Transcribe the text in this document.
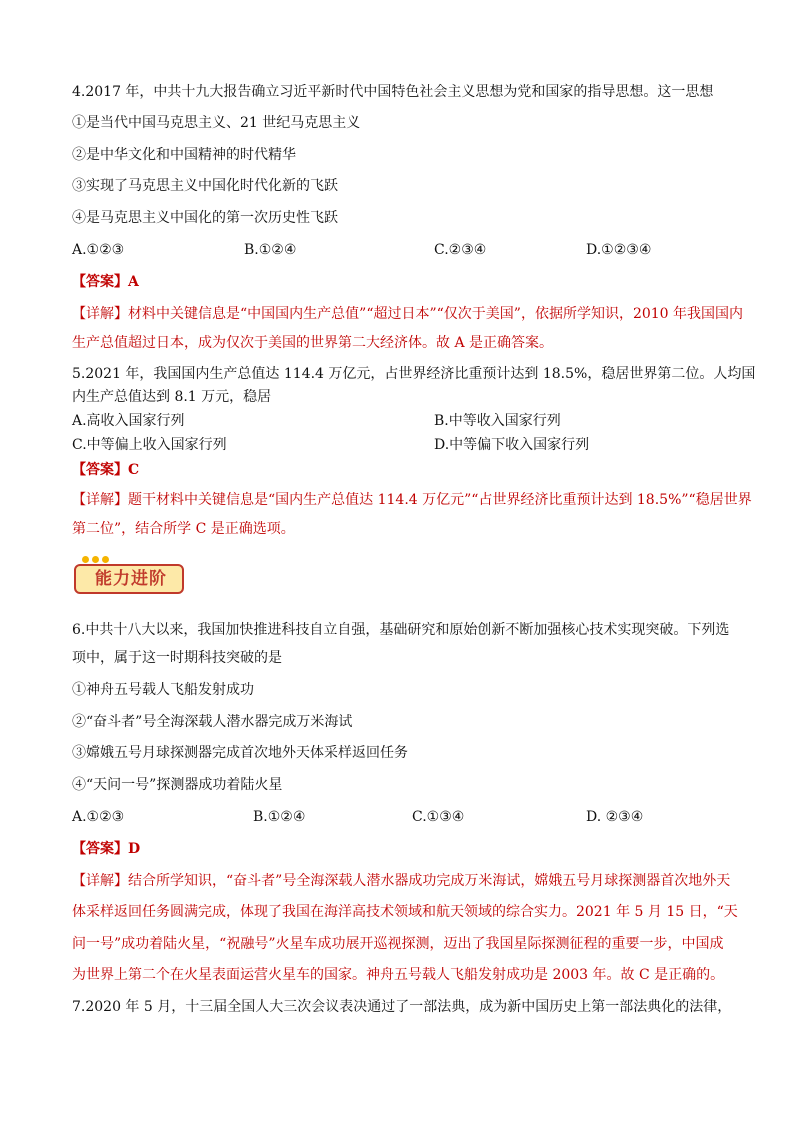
4.2017 年，中共十九大报告确立习近平新时代中国特色社会主义思想为党和国家的指导思想。这一思想
①是当代中国马克思主义、21 世纪马克思主义
②是中华文化和中国精神的时代精华
③实现了马克思主义中国化时代化新的飞跃
④是马克思主义中国化的第一次历史性飞跃
A.①②③	B.①②④	C.②③④	D.①②③④
【答案】A
【详解】材料中关键信息是“中国国内生产总值”“超过日本”“仅次于美国”，依据所学知识，2010 年我国国内
生产总值超过日本，成为仅次于美国的世界第二大经济体。故 A 是正确答案。
5.2021 年，我国国内生产总值达 114.4 万亿元，占世界经济比重预计达到 18.5%，稳居世界第二位。人均国
内生产总值达到 8.1 万元，稳居
A.高收入国家行列	B.中等收入国家行列
C.中等偏上收入国家行列	D.中等偏下收入国家行列
【答案】C
【详解】题干材料中关键信息是“国内生产总值达 114.4 万亿元”“占世界经济比重预计达到 18.5%”“稳居世界
第二位”，结合所学 C 是正确选项。
能力进阶
6.中共十八大以来，我国加快推进科技自立自强，基础研究和原始创新不断加强核心技术实现突破。下列选
项中，属于这一时期科技突破的是
①神舟五号载人飞船发射成功
②“奋斗者”号全海深载人潜水器完成万米海试
③嫦娥五号月球探测器完成首次地外天体采样返回任务
④“天问一号”探测器成功着陆火星
A.①②③	B.①②④	C.①③④	D. ②③④
【答案】D
【详解】结合所学知识，“奋斗者”号全海深载人潜水器成功完成万米海试，嫦娥五号月球探测器首次地外天
体采样返回任务圆满完成，体现了我国在海洋高技术领域和航天领域的综合实力。2021 年 5 月 15 日，“天
问一号”成功着陆火星，“祝融号”火星车成功展开巡视探测，迈出了我国星际探测征程的重要一步，中国成
为世界上第二个在火星表面运营火星车的国家。神舟五号载人飞船发射成功是 2003 年。故 C 是正确的。
7.2020 年 5 月，十三届全国人大三次会议表决通过了一部法典，成为新中国历史上第一部法典化的法律，
